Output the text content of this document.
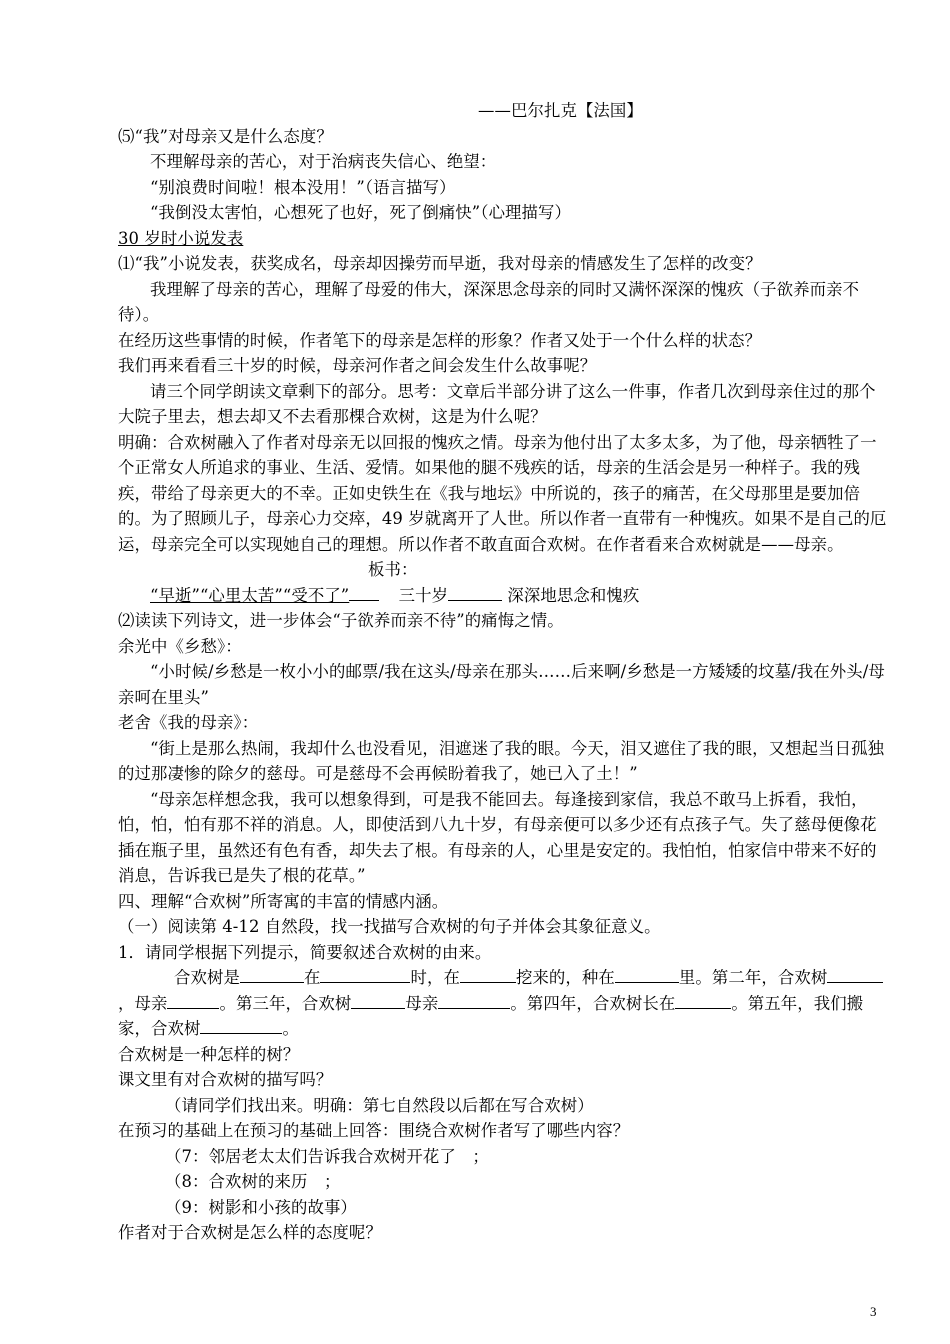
——巴尔扎克【法国】

⑸“我”对母亲又是什么态度？

不理解母亲的苦心，对于治病丧失信心、绝望：

“别浪费时间啦！根本没用！”（语言描写）

“我倒没太害怕，心想死了也好，死了倒痛快”（心理描写）

30 岁时小说发表

⑴“我”小说发表，获奖成名，母亲却因操劳而早逝，我对母亲的情感发生了怎样的改变？

我理解了母亲的苦心，理解了母爱的伟大，深深思念母亲的同时又满怀深深的愧疚（子欲养而亲不待）。

在经历这些事情的时候，作者笔下的母亲是怎样的形象？作者又处于一个什么样的状态？

我们再来看看三十岁的时候，母亲河作者之间会发生什么故事呢？

请三个同学朗读文章剩下的部分。思考：文章后半部分讲了这么一件事，作者几次到母亲住过的那个大院子里去，想去却又不去看那棵合欢树，这是为什么呢？

明确：合欢树融入了作者对母亲无以回报的愧疚之情。母亲为他付出了太多太多，为了他，母亲牺牲了一个正常女人所追求的事业、生活、爱情。如果他的腿不残疾的话，母亲的生活会是另一种样子。我的残疾，带给了母亲更大的不幸。正如史铁生在《我与地坛》中所说的，孩子的痛苦，在父母那里是要加倍的。为了照顾儿子，母亲心力交瘁，49 岁就离开了人世。所以作者一直带有一种愧疚。如果不是自己的厄运，母亲完全可以实现她自己的理想。所以作者不敢直面合欢树。在作者看来合欢树就是——母亲。

板书：

“早逝”“心里太苦”“受不了”	三十岁	深深地思念和愧疚

⑵读读下列诗文，进一步体会“子欲养而亲不待”的痛悔之情。

余光中《乡愁》：

“小时候/乡愁是一枚小小的邮票/我在这头/母亲在那头……后来啊/乡愁是一方矮矮的坟墓/我在外头/母亲呵在里头”

老舍《我的母亲》：

“街上是那么热闹，我却什么也没看见，泪遮迷了我的眼。今天，泪又遮住了我的眼，又想起当日孤独的过那凄惨的除夕的慈母。可是慈母不会再候盼着我了，她已入了土！”

“母亲怎样想念我，我可以想象得到，可是我不能回去。每逢接到家信，我总不敢马上拆看，我怕，怕，怕，怕有那不祥的消息。人，即使活到八九十岁，有母亲便可以多少还有点孩子气。失了慈母便像花插在瓶子里，虽然还有色有香，却失去了根。有母亲的人，心里是安定的。我怕怕，怕家信中带来不好的消息，告诉我已是失了根的花草。”

四、理解“合欢树”所寄寓的丰富的情感内涵。

（一）阅读第 4-12 自然段，找一找描写合欢树的句子并体会其象征意义。

1．请同学根据下列提示，简要叙述合欢树的由来。

合欢树是	在	时，在	挖来的，种在	里。第二年，合欢树，母亲	。第三年，合欢树	母亲	。第四年，合欢树长在	。第五年，我们搬家，合欢树	。

合欢树是一种怎样的树？

课文里有对合欢树的描写吗？

（请同学们找出来。明确：第七自然段以后都在写合欢树）

在预习的基础上在预习的基础上回答：围绕合欢树作者写了哪些内容？

（7：邻居老太太们告诉我合欢树开花了　；

（8：合欢树的来历　；

（9：树影和小孩的故事）

作者对于合欢树是怎么样的态度呢？

3
